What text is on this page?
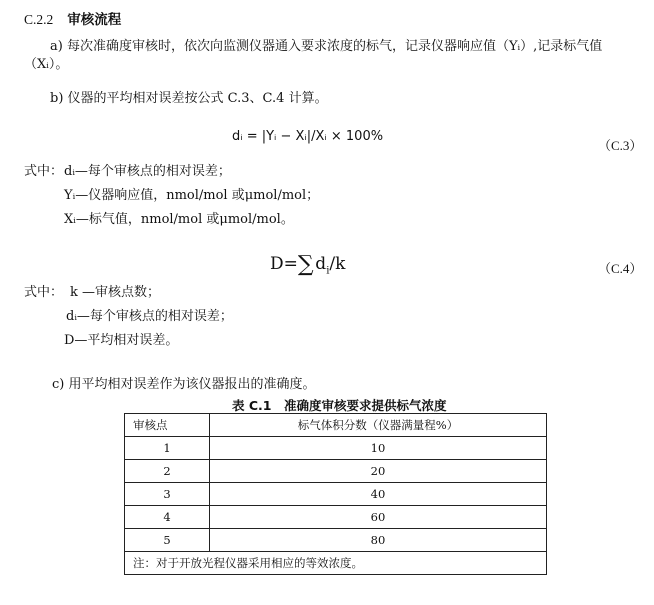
C.2.2 审核流程
a) 每次准确度审核时，依次向监测仪器通入要求浓度的标气，记录仪器响应值（Yᵢ）,记录标气值（Xᵢ）。
b) 仪器的平均相对误差按公式 C.3、C.4 计算。
dᵢ = |Yᵢ − Xᵢ|/Xᵢ × 100%
（C.3）
式中： dᵢ—每个审核点的相对误差；
Yᵢ—仪器响应值，nmol/mol 或μmol/mol；
Xᵢ—标气值，nmol/mol 或μmol/mol。
D=∑  $d_i/k$	（C.4）
式中： k —审核点数；
dᵢ—每个审核点的相对误差；
D—平均相对误差。
c) 用平均相对误差作为该仪器报出的准确度。
表 C.1　准确度审核要求提供标气浓度
审核点	标气体积分数（仪器满量程%）
1	10
2	20
3	40
4	60
5	80
注：对于开放光程仪器采用相应的等效浓度。	
